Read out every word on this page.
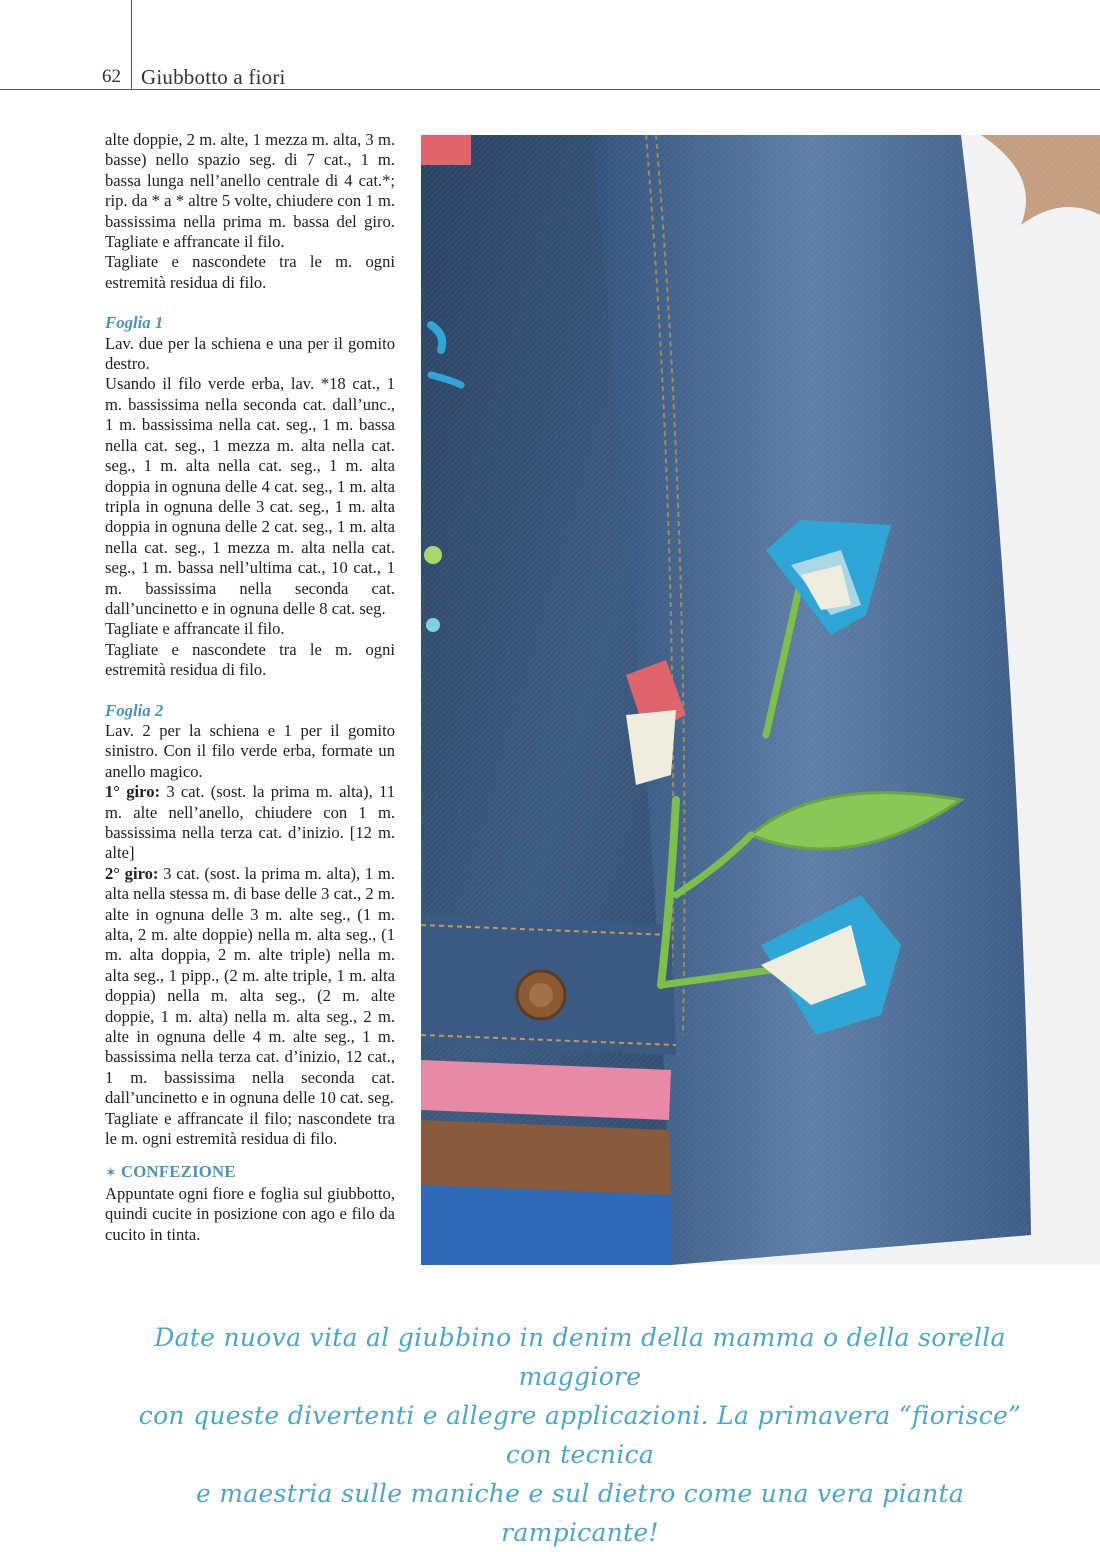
62 Giubbotto a fiori

alte doppie, 2 m. alte, 1 mezza m. alta, 3 m. basse) nello spazio seg. di 7 cat., 1 m. bassa lunga nell’anello centrale di 4 cat.*; rip. da * a * altre 5 volte, chiudere con 1 m. bassissima nella prima m. bassa del giro. Tagliate e affrancate il filo.

Tagliate e nascondete tra le m. ogni estremità residua di filo.

Foglia 1

Lav. due per la schiena e una per il gomito destro.

Usando il filo verde erba, lav. *18 cat., 1 m. bassissima nella seconda cat. dall’unc., 1 m. bassissima nella cat. seg., 1 m. bassa nella cat. seg., 1 mezza m. alta nella cat. seg., 1 m. alta nella cat. seg., 1 m. alta doppia in ognuna delle 4 cat. seg., 1 m. alta tripla in ognuna delle 3 cat. seg., 1 m. alta doppia in ognuna delle 2 cat. seg., 1 m. alta nella cat. seg., 1 mezza m. alta nella cat. seg., 1 m. bassa nell’ultima cat., 10 cat., 1 m. bassissima nella seconda cat. dall’uncinetto e in ognuna delle 8 cat. seg.

Tagliate e affrancate il filo.

Tagliate e nascondete tra le m. ogni estremità residua di filo.

Foglia 2

Lav. 2 per la schiena e 1 per il gomito sinistro. Con il filo verde erba, formate un anello magico.

1° giro: 3 cat. (sost. la prima m. alta), 11 m. alte nell’anello, chiudere con 1 m. bassissima nella terza cat. d’inizio. [12 m. alte]

2° giro: 3 cat. (sost. la prima m. alta), 1 m. alta nella stessa m. di base delle 3 cat., 2 m. alte in ognuna delle 3 m. alte seg., (1 m. alta, 2 m. alte doppie) nella m. alta seg., (1 m. alta doppia, 2 m. alte triple) nella m. alta seg., 1 pipp., (2 m. alte triple, 1 m. alta doppia) nella m. alta seg., (2 m. alte doppie, 1 m. alta) nella m. alta seg., 2 m. alte in ognuna delle 4 m. alte seg., 1 m. bassissima nella terza cat. d’inizio, 12 cat., 1 m. bassissima nella seconda cat. dall’uncinetto e in ognuna delle 10 cat. seg.

Tagliate e affrancate il filo; nascondete tra le m. ogni estremità residua di filo.

✶ CONFEZIONE

Appuntate ogni fiore e foglia sul giubbotto, quindi cucite in posizione con ago e filo da cucito in tinta.

Date nuova vita al giubbino in denim della mamma o della sorella maggiore

con queste divertenti e allegre applicazioni. La primavera “fiorisce” con tecnica

e maestria sulle maniche e sul dietro come una vera pianta rampicante!
